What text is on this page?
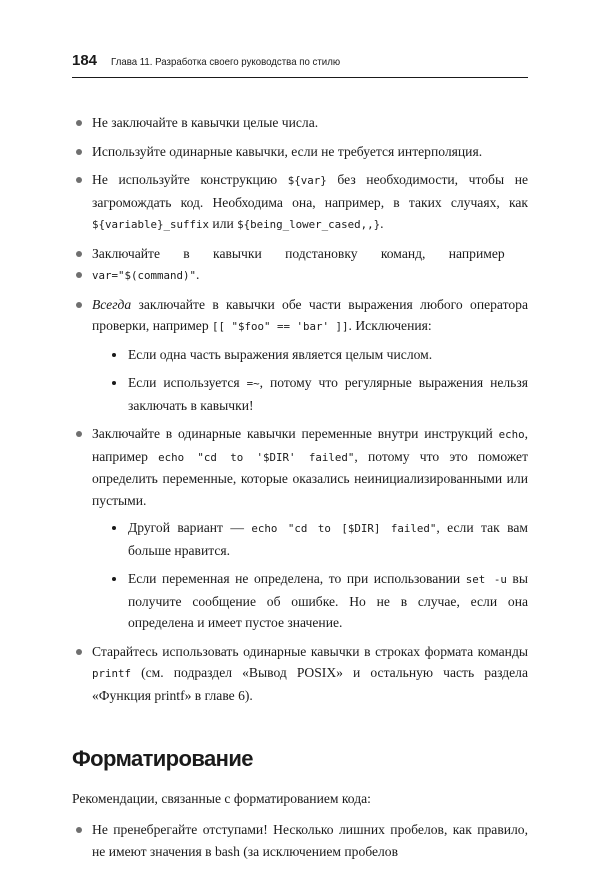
184 Глава 11. Разработка своего руководства по стилю
Не заключайте в кавычки целые числа.
Используйте одинарные кавычки, если не требуется интерполяция.
Не используйте конструкцию ${var} без необходимости, чтобы не загромождать код. Необходима она, например, в таких случаях, как ${variable}_suffix или ${being_lower_cased,,}.
Заключайте в кавычки подстановку команд, например
var="$(command)".
Всегда заключайте в кавычки обе части выражения любого оператора проверки, например [[ "$foo" == 'bar' ]]. Исключения:
Если одна часть выражения является целым числом.
Если используется =~, потому что регулярные выражения нельзя заключать в кавычки!
Заключайте в одинарные кавычки переменные внутри инструкций echo, например echo "cd to '$DIR' failed", потому что это поможет определить переменные, которые оказались неинициализированными или пустыми.
Другой вариант — echo "cd to [$DIR] failed", если так вам больше нравится.
Если переменная не определена, то при использовании set -u вы получите сообщение об ошибке. Но не в случае, если она определена и имеет пустое значение.
Старайтесь использовать одинарные кавычки в строках формата команды printf (см. подраздел «Вывод POSIX» и остальную часть раздела «Функция printf» в главе 6).
Форматирование

Рекомендации, связанные с форматированием кода:

Не пренебрегайте отступами! Несколько лишних пробелов, как правило, не имеют значения в bash (за исключением пробелов
